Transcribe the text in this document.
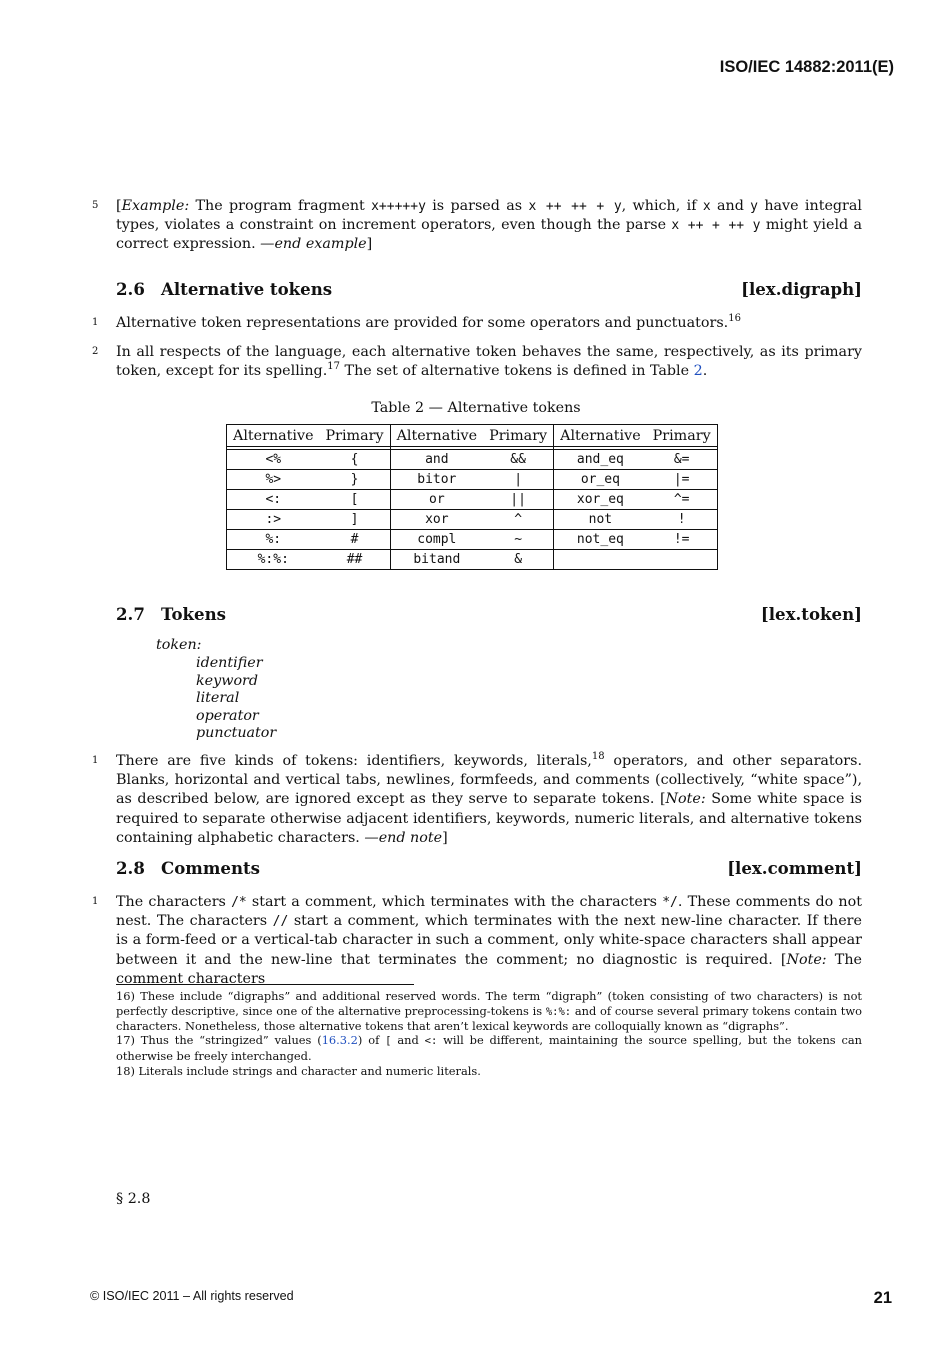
ISO/IEC 14882:2011(E)
5 [Example: The program fragment x+++++y is parsed as x ++ ++ + y, which, if x and y have integral types, violates a constraint on increment operators, even though the parse x ++ + ++ y might yield a correct expression. —end example]
2.6 Alternative tokens	[lex.digraph]
1 Alternative token representations are provided for some operators and punctuators.$^{16}$
2 In all respects of the language, each alternative token behaves the same, respectively, as its primary token, except for its spelling.$^{17}$ The set of alternative tokens is defined in Table 2.
Table 2 — Alternative tokens
Alternative	Primary	Alternative	Primary	Alternative	Primary

<%	{	and	&&	and_eq	&=
%>	}	bitor	|	or_eq	|=
<:	[	or	||	xor_eq	^=
:>	]	xor	^	not	!
%:	#	compl	~	not_eq	!=
%:%:	##	bitand	&		
2.7 Tokens	[lex.token]
token:
identifier
keyword
literal
operator
punctuator
1 There are five kinds of tokens: identifiers, keywords, literals,$^{18}$ operators, and other separators. Blanks, horizontal and vertical tabs, newlines, formfeeds, and comments (collectively, “white space”), as described below, are ignored except as they serve to separate tokens. [Note: Some white space is required to separate otherwise adjacent identifiers, keywords, numeric literals, and alternative tokens containing alphabetic characters. —end note]
2.8 Comments	[lex.comment]
1 The characters /* start a comment, which terminates with the characters */. These comments do not nest. The characters // start a comment, which terminates with the next new-line character. If there is a form-feed or a vertical-tab character in such a comment, only white-space characters shall appear between it and the new-line that terminates the comment; no diagnostic is required. [Note: The comment characters
16) These include “digraphs” and additional reserved words. The term “digraph” (token consisting of two characters) is not perfectly descriptive, since one of the alternative preprocessing-tokens is %:%: and of course several primary tokens contain two characters. Nonetheless, those alternative tokens that aren’t lexical keywords are colloquially known as “digraphs”.
17) Thus the “stringized” values (16.3.2) of [ and <: will be different, maintaining the source spelling, but the tokens can otherwise be freely interchanged.
18) Literals include strings and character and numeric literals.
§ 2.8
© ISO/IEC 2011 – All rights reserved	21
